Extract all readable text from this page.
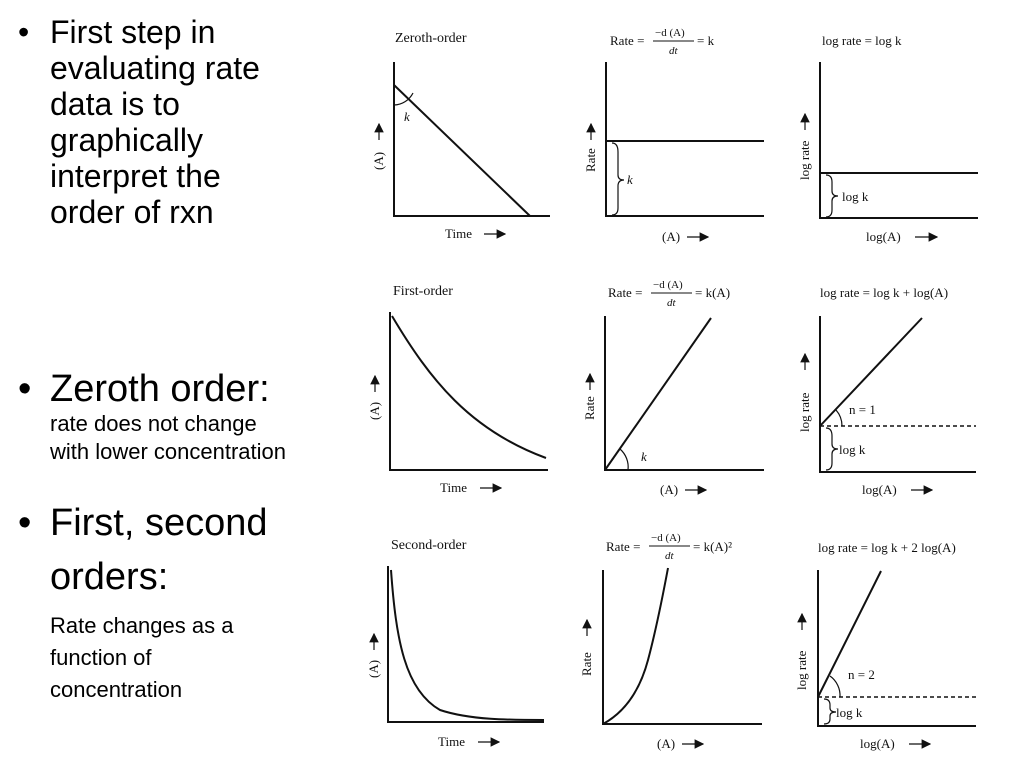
• First step in
evaluating rate
data is to
graphically
interpret the
order of rxn
• Zeroth order:
rate does not change
with lower concentration
• First, second
orders:
Rate changes as a
function of
concentration
Zeroth-order
k
(A)
Time
Rate = −d (A)
dt
= k
k
Rate
(A)
log rate = log k
log k
log rate
log(A)
First-order
(A)
Time
Rate = −d (A)
dt
= k(A)
k
Rate
(A)
log rate = log k + log(A)
n = 1
log k
log rate
log(A)
Second-order
(A)
Time
Rate =
−d (A)
dt
= k(A)²
Rate
(A)
log rate = log k + 2 log(A)
n = 2
log k
log rate
log(A)
